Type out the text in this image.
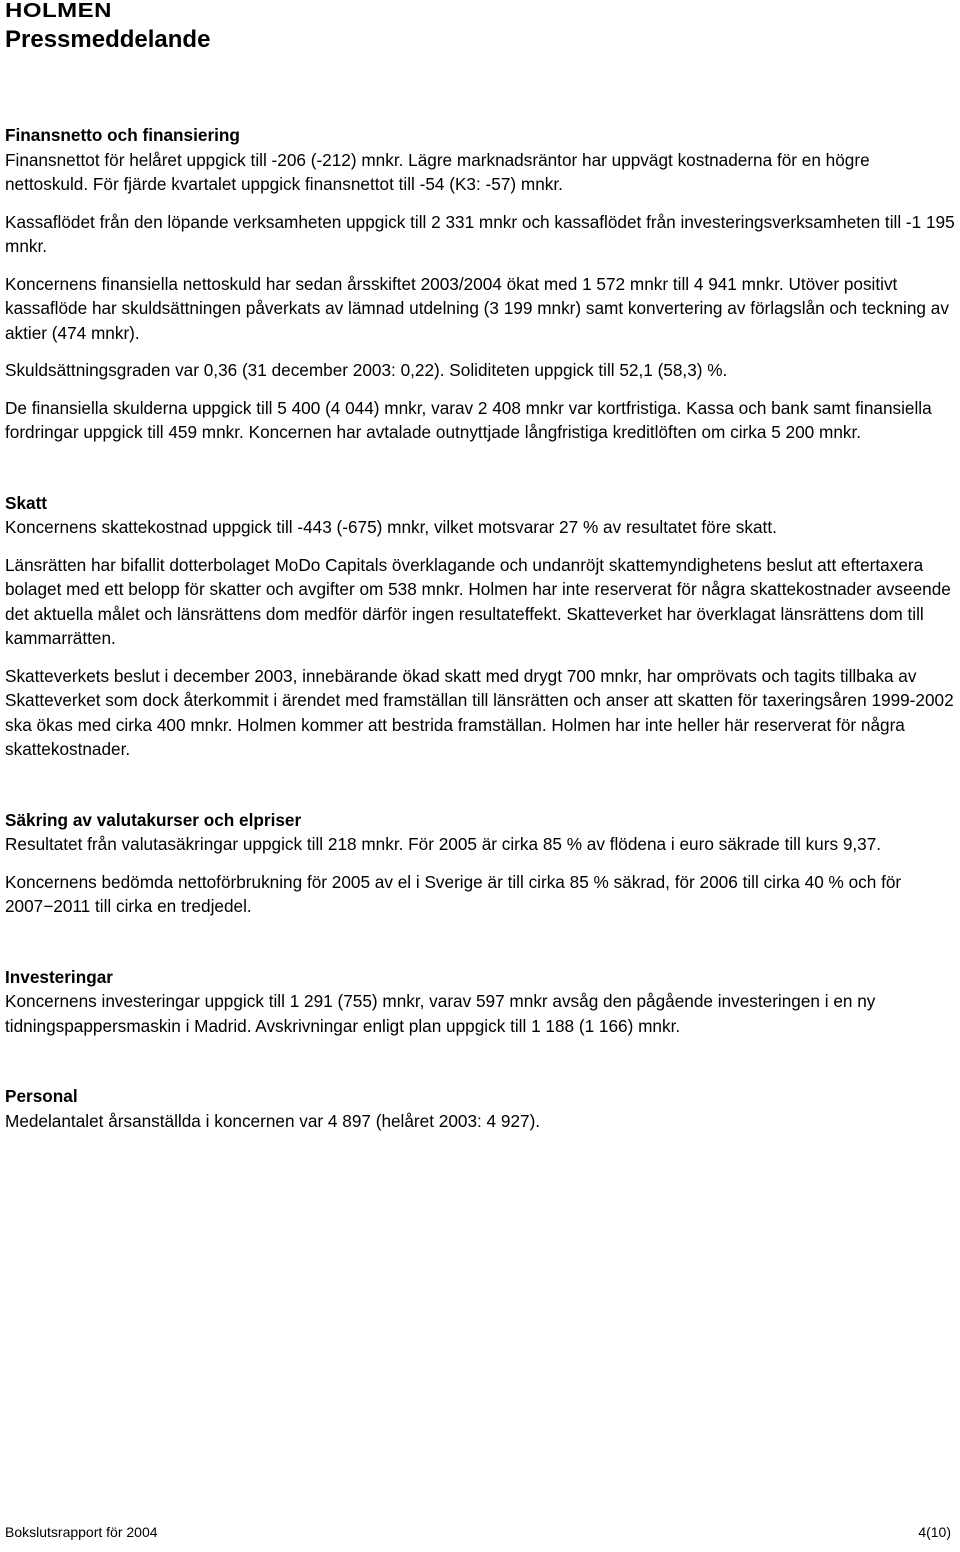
HOLMEN
Pressmeddelande
Finansnetto och finansiering

Finansnettot för helåret uppgick till -206 (-212) mnkr. Lägre marknadsräntor har uppvägt kostnaderna för en högre nettoskuld. För fjärde kvartalet uppgick finansnettot till -54 (K3: -57) mnkr.

Kassaflödet från den löpande verksamheten uppgick till 2 331 mnkr och kassaflödet från investeringsverksamheten till -1 195 mnkr.

Koncernens finansiella nettoskuld har sedan årsskiftet 2003/2004 ökat med 1 572 mnkr till 4 941 mnkr. Utöver positivt kassaflöde har skuldsättningen påverkats av lämnad utdelning (3 199 mnkr) samt konvertering av förlagslån och teckning av aktier (474 mnkr).

Skuldsättningsgraden var 0,36 (31 december 2003: 0,22). Soliditeten uppgick till 52,1 (58,3) %.

De finansiella skulderna uppgick till 5 400 (4 044) mnkr, varav 2 408 mnkr var kortfristiga. Kassa och bank samt finansiella fordringar uppgick till 459 mnkr. Koncernen har avtalade outnyttjade långfristiga kreditlöften om cirka 5 200 mnkr.

Skatt

Koncernens skattekostnad uppgick till -443 (-675) mnkr, vilket motsvarar 27 % av resultatet före skatt.

Länsrätten har bifallit dotterbolaget MoDo Capitals överklagande och undanröjt skattemyndighetens beslut att eftertaxera bolaget med ett belopp för skatter och avgifter om 538 mnkr. Holmen har inte reserverat för några skattekostnader avseende det aktuella målet och länsrättens dom medför därför ingen resultateffekt. Skatteverket har överklagat länsrättens dom till kammarrätten.

Skatteverkets beslut i december 2003, innebärande ökad skatt med drygt 700 mnkr, har omprövats och tagits tillbaka av Skatteverket som dock återkommit i ärendet med framställan till länsrätten och anser att skatten för taxeringsåren 1999-2002 ska ökas med cirka 400 mnkr. Holmen kommer att bestrida framställan. Holmen har inte heller här reserverat för några skattekostnader.

Säkring av valutakurser och elpriser

Resultatet från valutasäkringar uppgick till 218 mnkr. För 2005 är cirka 85 % av flödena i euro säkrade till kurs 9,37.

Koncernens bedömda nettoförbrukning för 2005 av el i Sverige är till cirka 85 % säkrad, för 2006 till cirka 40 % och för 2007−2011 till cirka en tredjedel.

Investeringar

Koncernens investeringar uppgick till 1 291 (755) mnkr, varav 597 mnkr avsåg den pågående investeringen i en ny tidningspappersmaskin i Madrid. Avskrivningar enligt plan uppgick till 1 188 (1 166) mnkr.

Personal

Medelantalet årsanställda i koncernen var 4 897 (helåret 2003: 4 927).

Bokslutsrapport för 2004	4(10)
